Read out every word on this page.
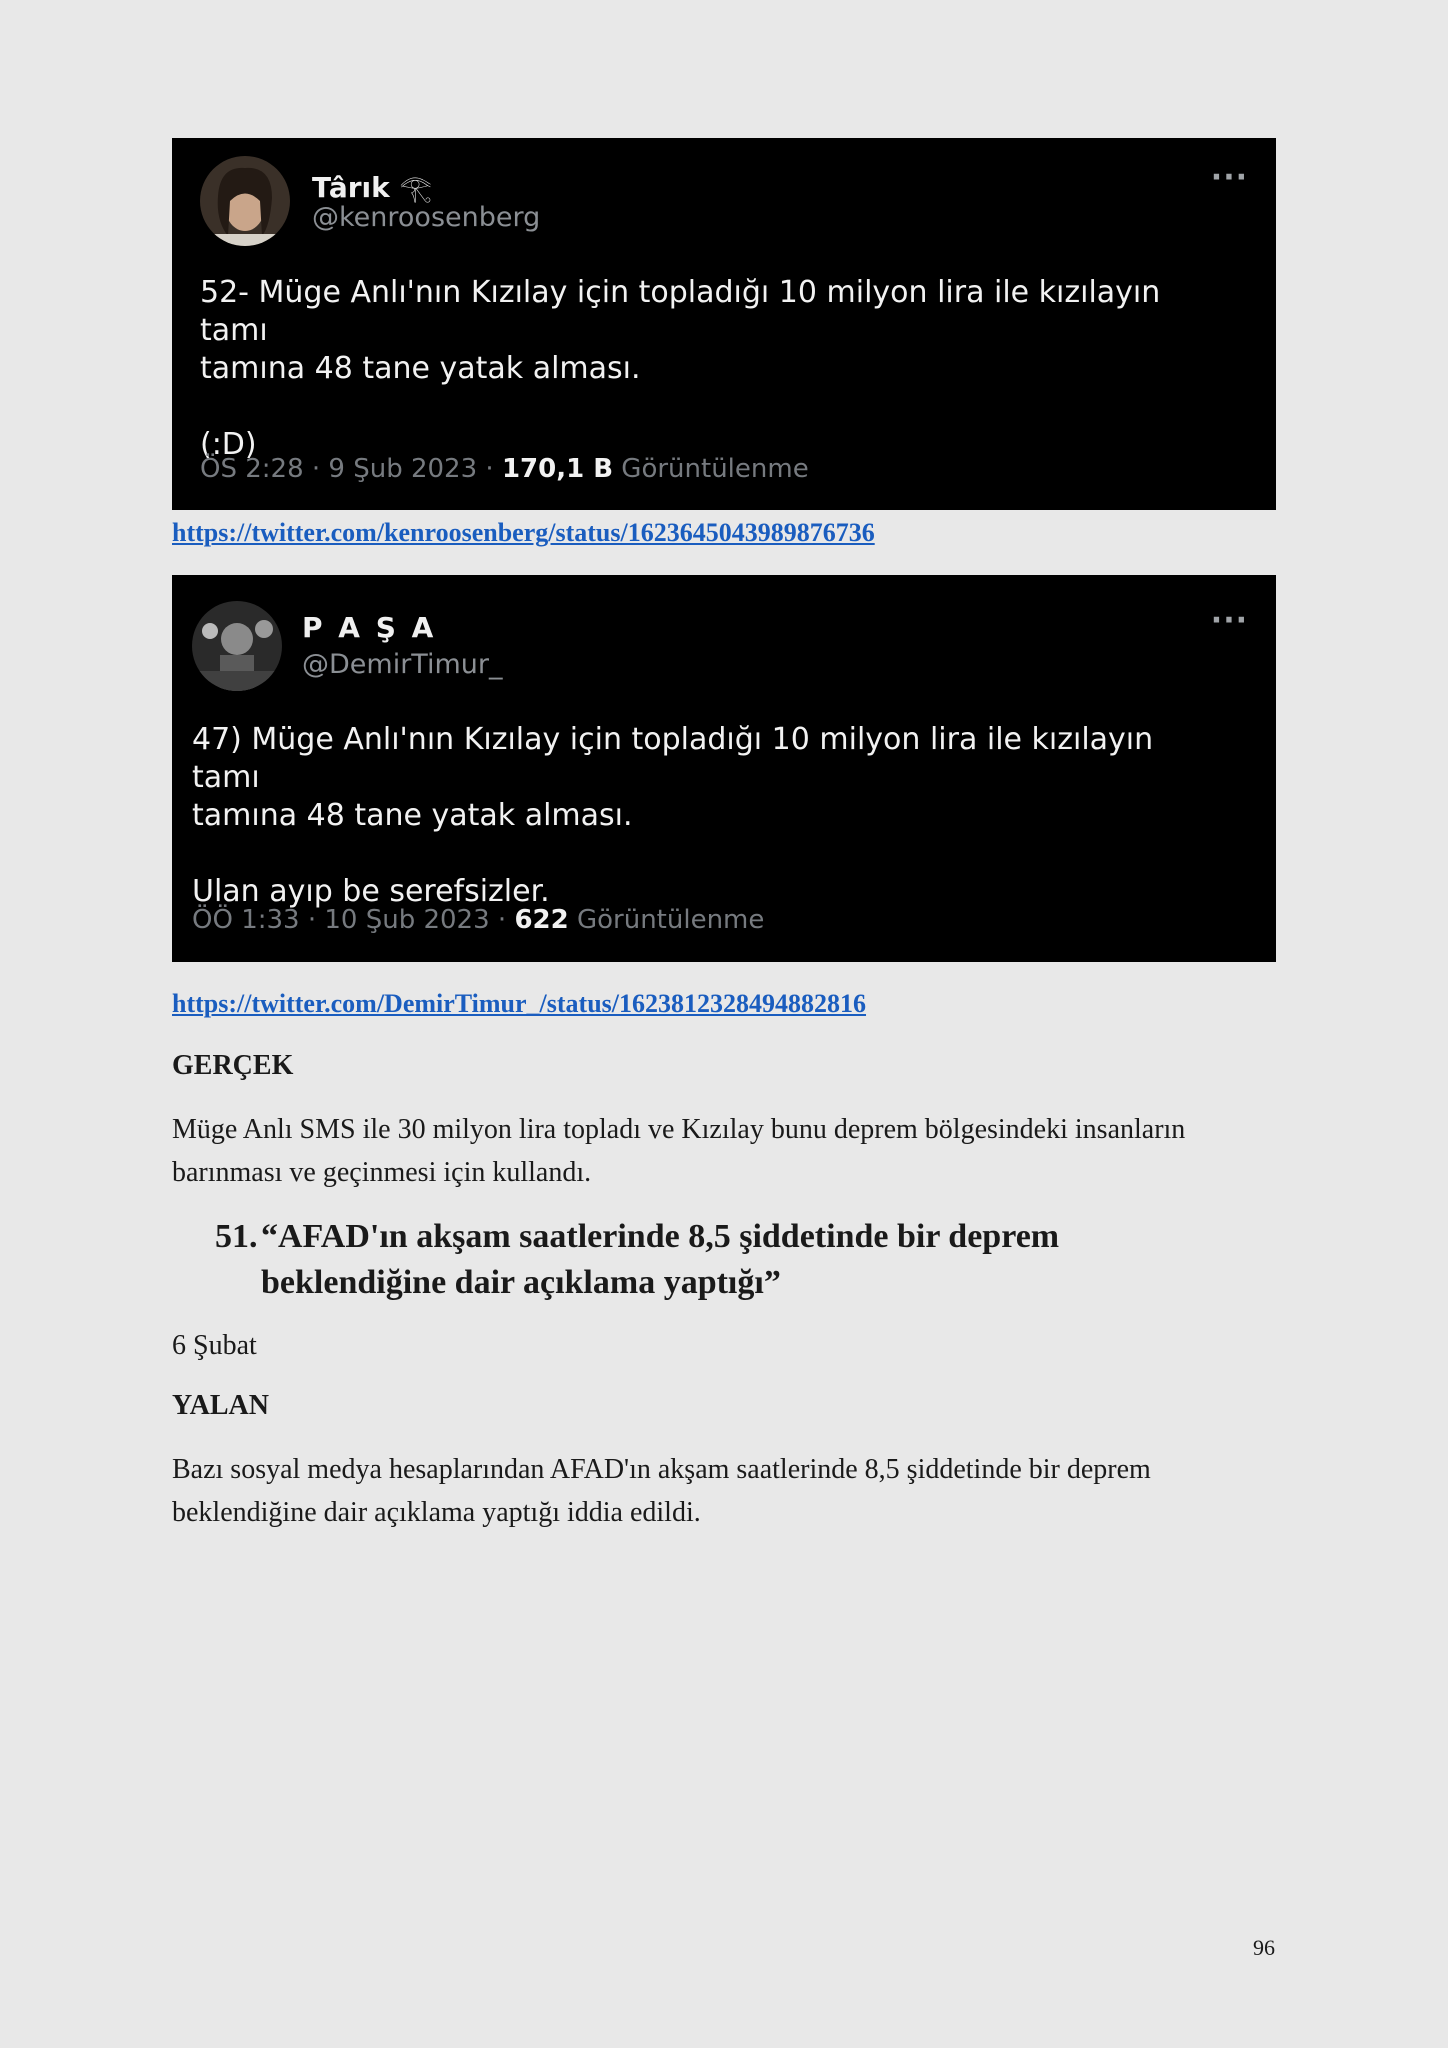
Târık 𓂀
@kenroosenberg
···
52- Müge Anlı'nın Kızılay için topladığı 10 milyon lira ile kızılayın tamı
tamına 48 tane yatak alması.

(:D)
ÖS 2:28 · 9 Şub 2023 · 170,1 B Görüntülenme
https://twitter.com/kenroosenberg/status/1623645043989876736
P A Ş A
@DemirTimur_
···
47) Müge Anlı'nın Kızılay için topladığı 10 milyon lira ile kızılayın tamı
tamına 48 tane yatak alması.

Ulan ayıp be serefsizler.
ÖÖ 1:33 · 10 Şub 2023 · 622 Görüntülenme
https://twitter.com/DemirTimur_/status/1623812328494882816
GERÇEK
Müge Anlı SMS ile 30 milyon lira topladı ve Kızılay bunu deprem bölgesindeki insanların barınması ve geçinmesi için kullandı.
51. “AFAD'ın akşam saatlerinde 8,5 şiddetinde bir deprem beklendiğine dair açıklama yaptığı”
6 Şubat
YALAN
Bazı sosyal medya hesaplarından AFAD'ın akşam saatlerinde 8,5 şiddetinde bir deprem beklendiğine dair açıklama yaptığı iddia edildi.
96
